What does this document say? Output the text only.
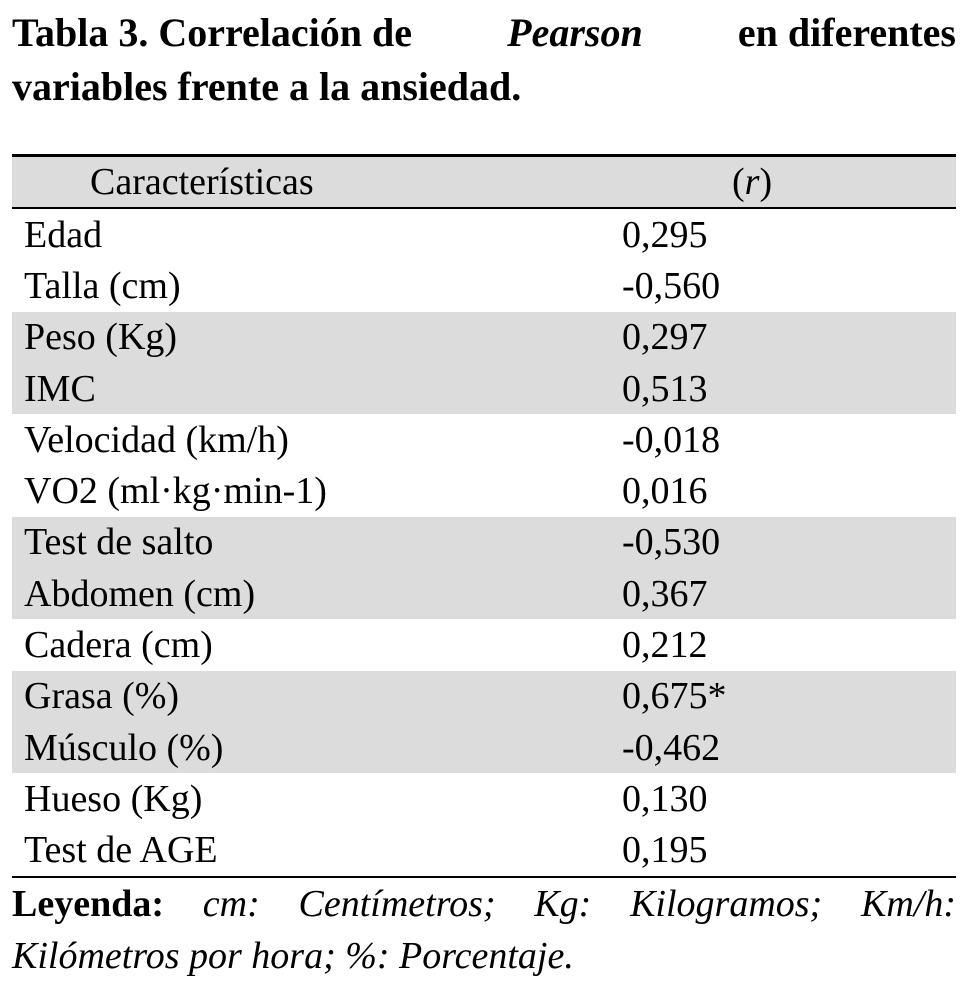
Tabla 3. Correlación de Pearson en diferentes
variables frente a la ansiedad.
Características	(r)
Edad	0,295
Talla (cm)	-0,560
Peso (Kg)	0,297
IMC	0,513
Velocidad (km/h)	-0,018
VO2 (ml·kg·min-1)	0,016
Test de salto	-0,530
Abdomen (cm)	0,367
Cadera (cm)	0,212
Grasa (%)	0,675*
Músculo (%)	-0,462
Hueso (Kg)	0,130
Test de AGE	0,195
Leyenda: cm: Centímetros; Kg: Kilogramos; Km/h: Kilómetros por hora; %: Porcentaje.
